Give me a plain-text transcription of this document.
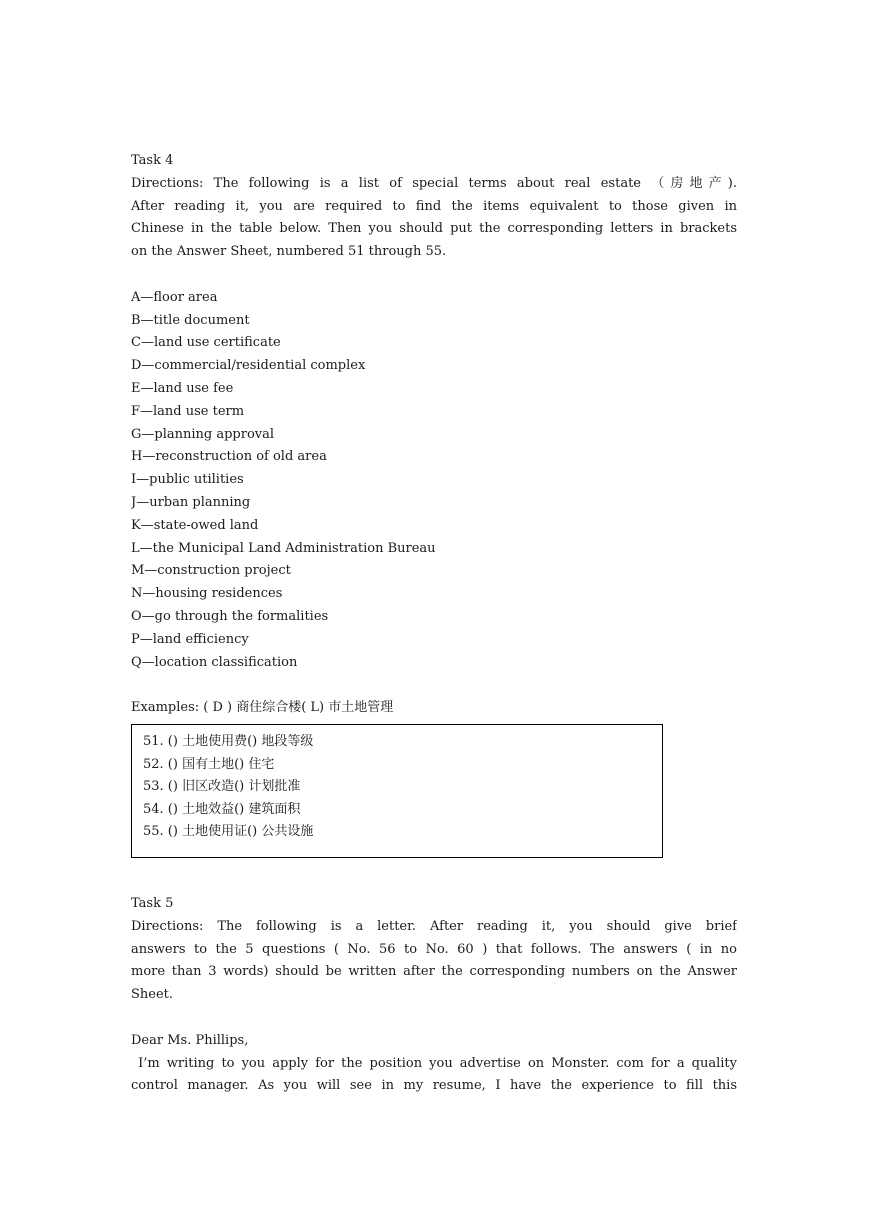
Task 4
Directions: The following is a list of special terms about real estate （房地产).
After reading it, you are required to find the items equivalent to those given in
Chinese in the table below. Then you should put the corresponding letters in brackets
on the Answer Sheet, numbered 51 through 55.
A—floor area
B—title document
C—land use certificate
D—commercial/residential complex
E—land use fee
F—land use term
G—planning approval
H—reconstruction of old area
I—public utilities
J—urban planning
K—state-owed land
L—the Municipal Land Administration Bureau
M—construction project
N—housing residences
O—go through the formalities
P—land efficiency
Q—location classification
Examples: ( D ) 商住综合楼( L) 市土地管理
51. () 土地使用费() 地段等级
52. () 国有土地() 住宅
53. () 旧区改造() 计划批准
54. () 土地效益() 建筑面积
55. () 土地使用证() 公共设施
Task 5
Directions: The following is a letter. After reading it, you should give brief
answers to the 5 questions ( No. 56 to No. 60 ) that follows. The answers ( in no
more than 3 words) should be written after the corresponding numbers on the Answer
Sheet.
Dear Ms. Phillips,
I’m writing to you apply for the position you advertise on Monster. com for a quality
control manager. As you will see in my resume, I have the experience to fill this
